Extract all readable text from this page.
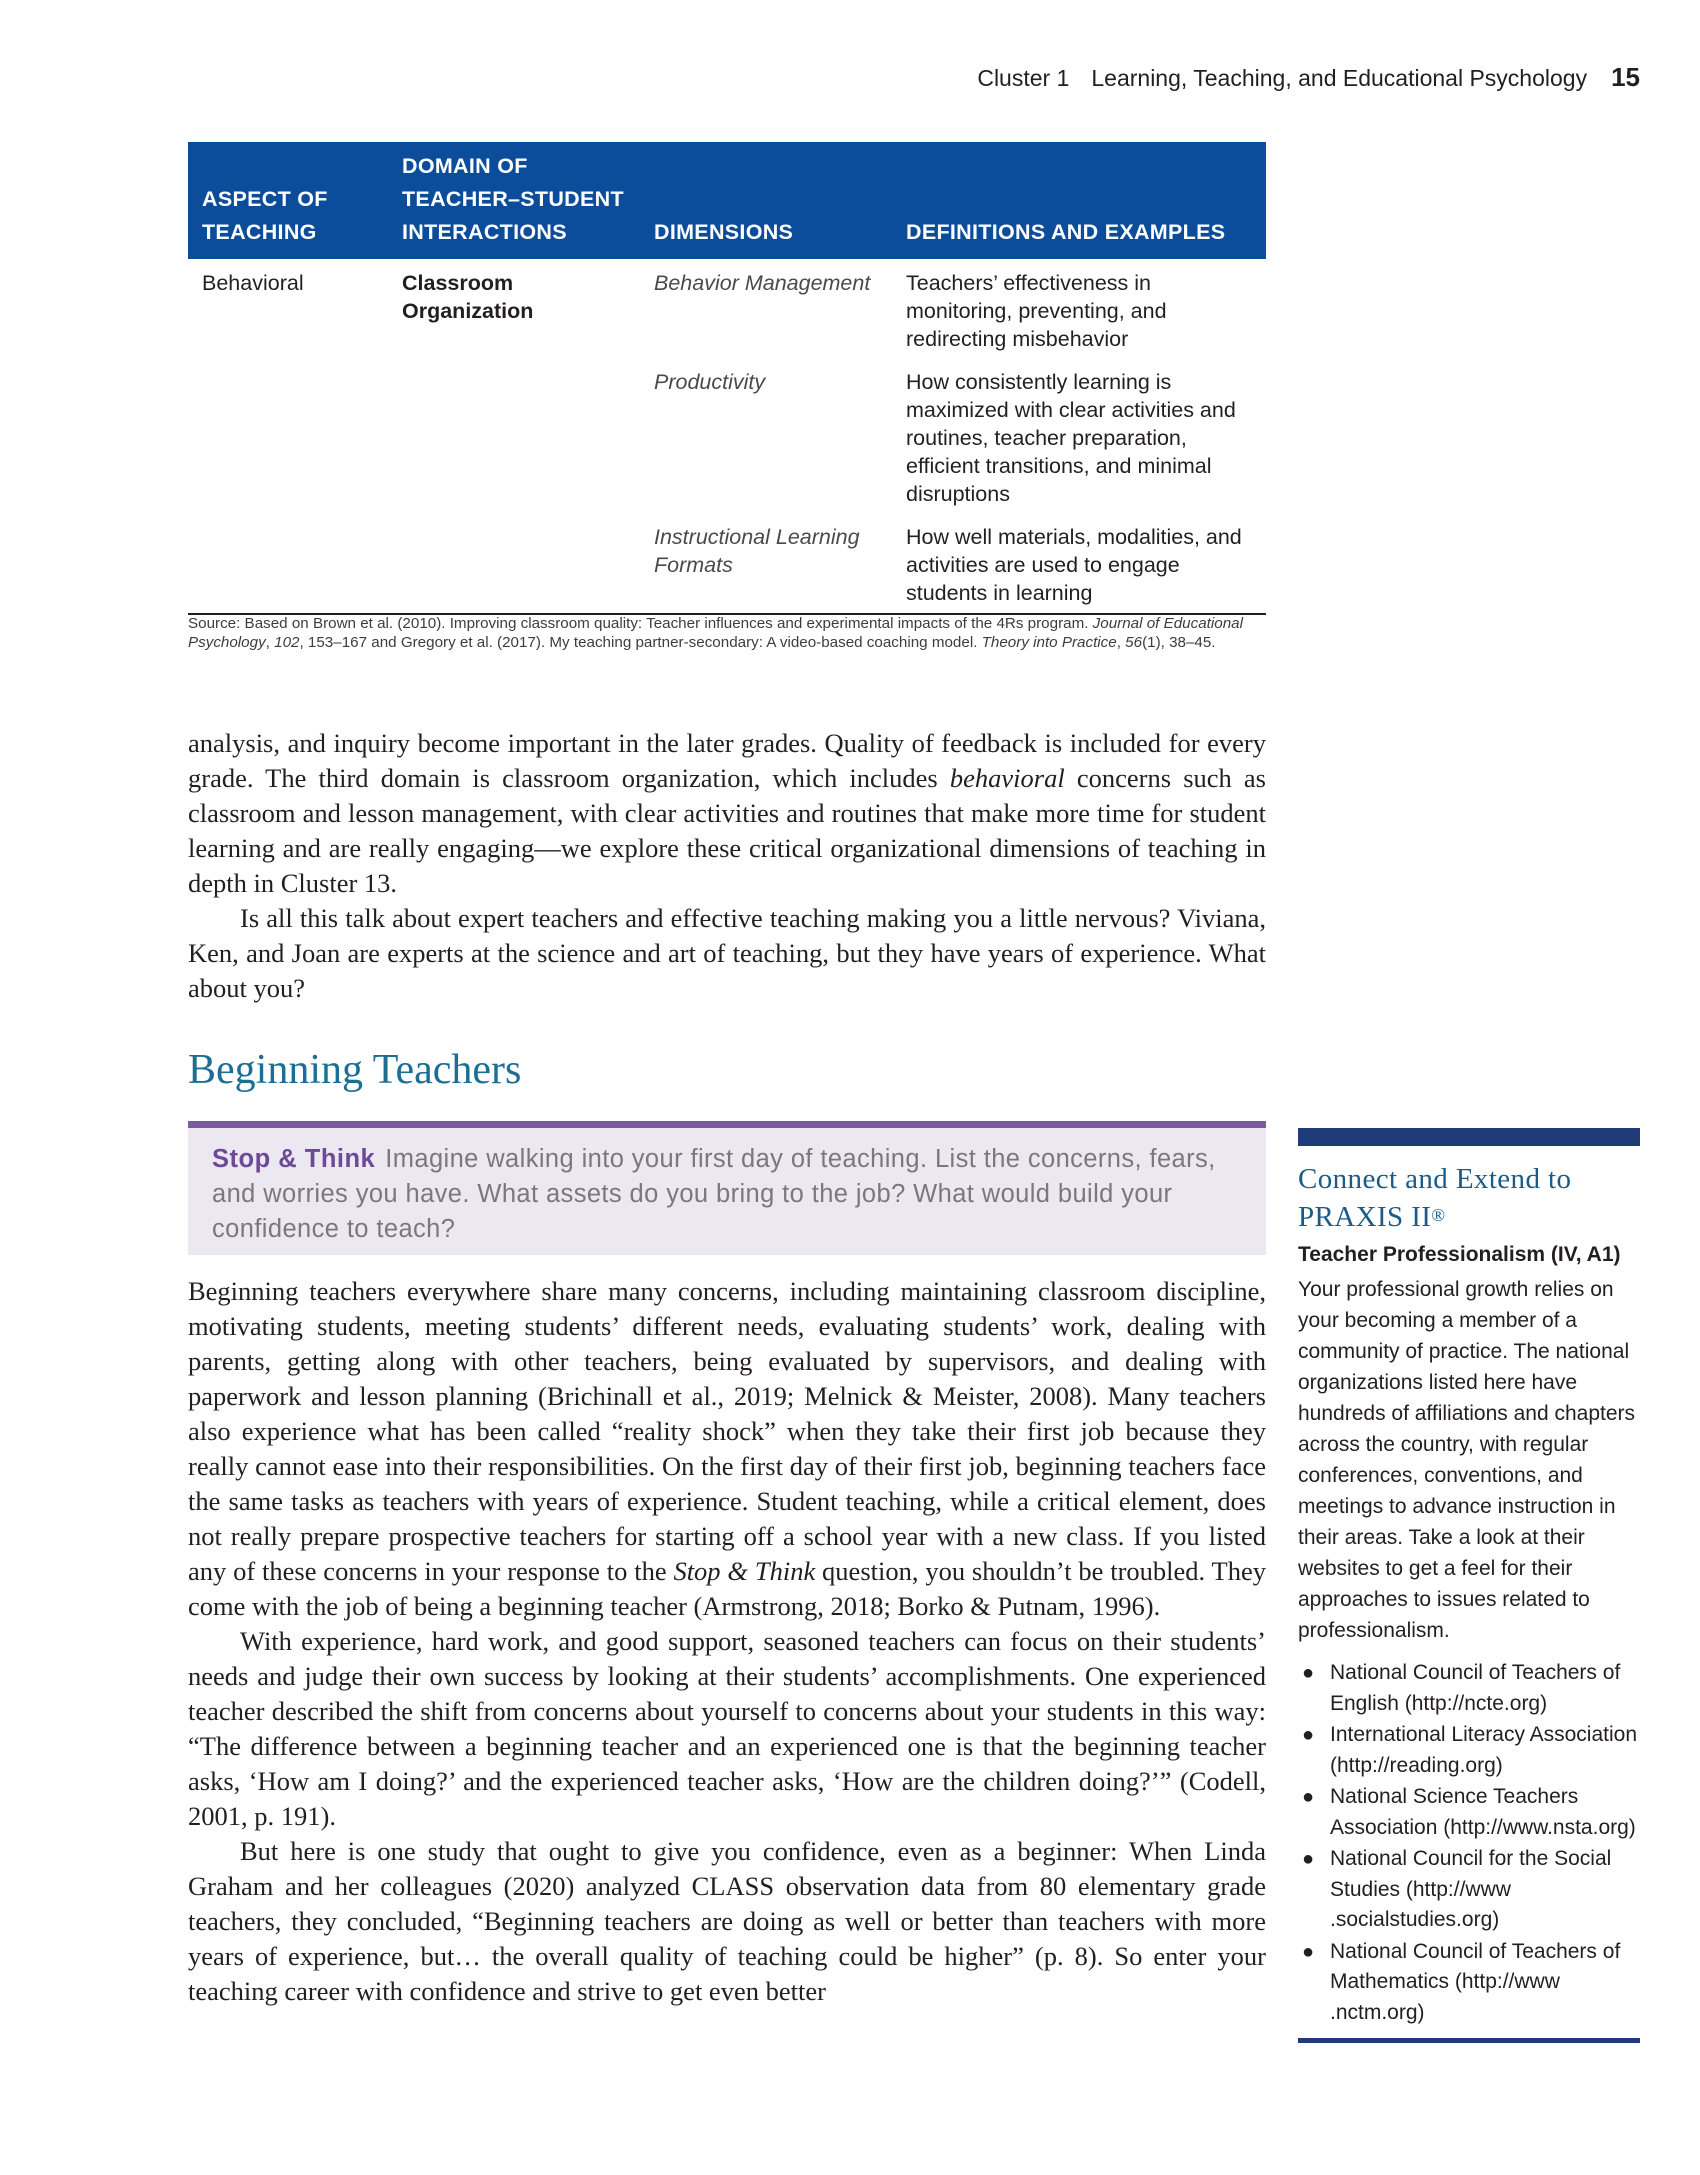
Cluster 1 Learning, Teaching, and Educational Psychology 15
ASPECT OF TEACHING	DOMAIN OF TEACHER–STUDENT INTERACTIONS	DIMENSIONS	DEFINITIONS AND EXAMPLES
Behavioral	Classroom Organization	Behavior Management	Teachers’ effectiveness in monitoring, preventing, and redirecting misbehavior
		Productivity	How consistently learning is maximized with clear activities and routines, teacher preparation, efficient transitions, and minimal disruptions
		Instructional Learning Formats	How well materials, modalities, and activities are used to engage students in learning
Source: Based on Brown et al. (2010). Improving classroom quality: Teacher influences and experimental impacts of the 4Rs program. Journal of Educational Psychology, 102, 153–167 and Gregory et al. (2017). My teaching partner-secondary: A video-based coaching model. Theory into Practice, 56(1), 38–45.

analysis, and inquiry become important in the later grades. Quality of feedback is included for every grade. The third domain is classroom organization, which includes behavioral concerns such as classroom and lesson management, with clear activities and routines that make more time for student learning and are really engaging—we explore these critical organizational dimensions of teaching in depth in Cluster 13.

Is all this talk about expert teachers and effective teaching making you a little nervous? Viviana, Ken, and Joan are experts at the science and art of teaching, but they have years of experience. What about you?

Beginning Teachers
Stop & Think Imagine walking into your first day of teaching. List the concerns, fears, and worries you have. What assets do you bring to the job? What would build your confidence to teach?

Beginning teachers everywhere share many concerns, including maintaining classroom discipline, motivating students, meeting students’ different needs, evaluating students’ work, dealing with parents, getting along with other teachers, being evaluated by supervisors, and dealing with paperwork and lesson planning (Brichinall et al., 2019; Melnick & Meister, 2008). Many teachers also experience what has been called “reality shock” when they take their first job because they really cannot ease into their responsibilities. On the first day of their first job, beginning teachers face the same tasks as teachers with years of experience. Student teaching, while a critical element, does not really prepare prospective teachers for starting off a school year with a new class. If you listed any of these concerns in your response to the Stop & Think question, you shouldn’t be troubled. They come with the job of being a beginning teacher (Armstrong, 2018; Borko & Putnam, 1996).

With experience, hard work, and good support, seasoned teachers can focus on their students’ needs and judge their own success by looking at their students’ accomplishments. One experienced teacher described the shift from concerns about yourself to concerns about your students in this way: “The difference between a beginning teacher and an experienced one is that the beginning teacher asks, ‘How am I doing?’ and the experienced teacher asks, ‘How are the children doing?’” (Codell, 2001, p. 191).

But here is one study that ought to give you confidence, even as a beginner: When Linda Graham and her colleagues (2020) analyzed CLASS observation data from 80 elementary grade teachers, they concluded, “Beginning teachers are doing as well or better than teachers with more years of experience, but… the overall quality of teaching could be higher” (p. 8). So enter your teaching career with confidence and strive to get even better

Connect and Extend to PRAXIS II®
Teacher Professionalism (IV, A1)
Your professional growth relies on your becoming a member of a community of practice. The national organizations listed here have hundreds of affiliations and chapters across the country, with regular conferences, conventions, and meetings to advance instruction in their areas. Take a look at their websites to get a feel for their approaches to issues related to professionalism.
● National Council of Teachers of English (http://ncte.org)
● International Literacy Association (http://reading.org)
● National Science Teachers Association (http://www.nsta.org)
● National Council for the Social Studies (http://www .socialstudies.org)
● National Council of Teachers of Mathematics (http://www .nctm.org)
